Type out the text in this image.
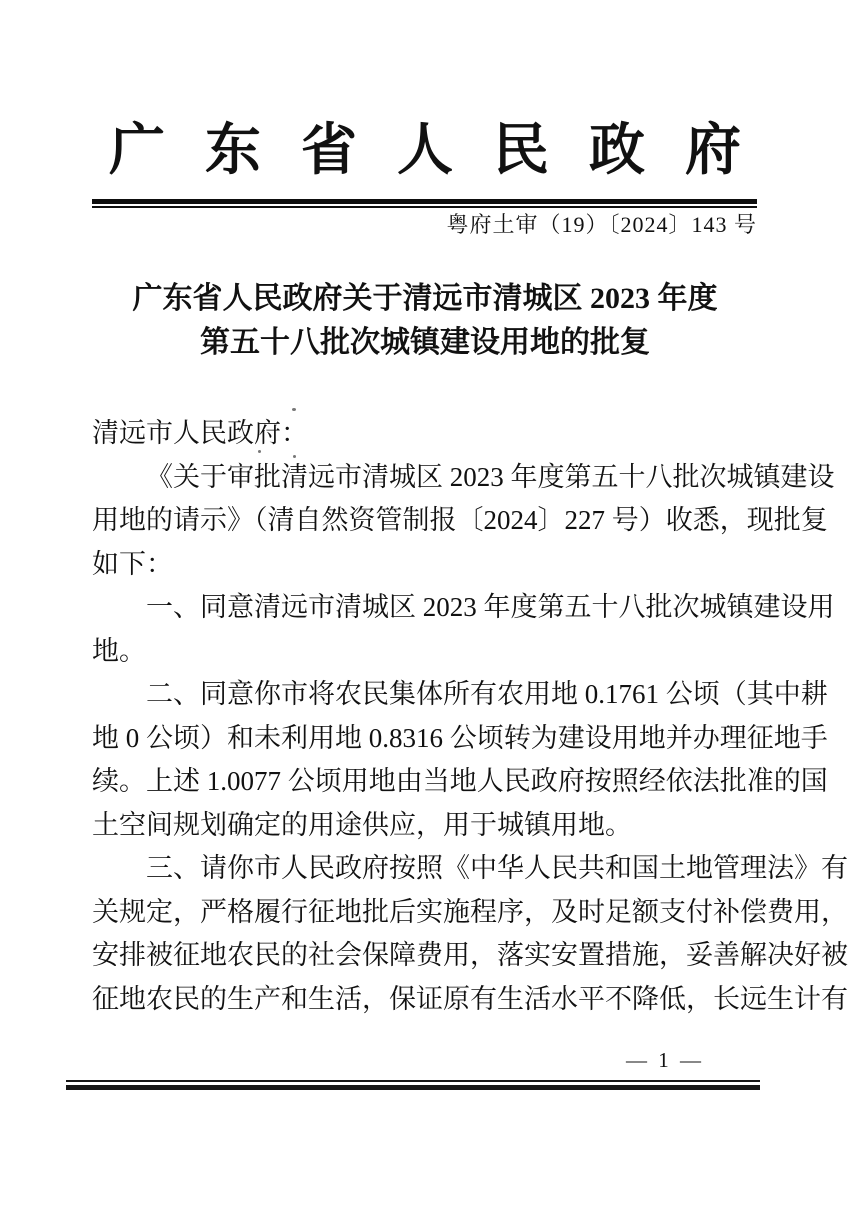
广东省人民政府
粤府土审（19）〔2024〕143 号
广东省人民政府关于清远市清城区 2023 年度
第五十八批次城镇建设用地的批复
清远市人民政府：
《关于审批清远市清城区 2023 年度第五十八批次城镇建设
用地的请示》（清自然资管制报〔2024〕227 号）收悉，现批复
如下：
一、同意清远市清城区 2023 年度第五十八批次城镇建设用
地。
二、同意你市将农民集体所有农用地 0.1761 公顷（其中耕
地 0 公顷）和未利用地 0.8316 公顷转为建设用地并办理征地手
续。上述 1.0077 公顷用地由当地人民政府按照经依法批准的国
土空间规划确定的用途供应，用于城镇用地。
三、请你市人民政府按照《中华人民共和国土地管理法》有
关规定，严格履行征地批后实施程序，及时足额支付补偿费用，
安排被征地农民的社会保障费用，落实安置措施，妥善解决好被
征地农民的生产和生活，保证原有生活水平不降低，长远生计有
— 1 —
